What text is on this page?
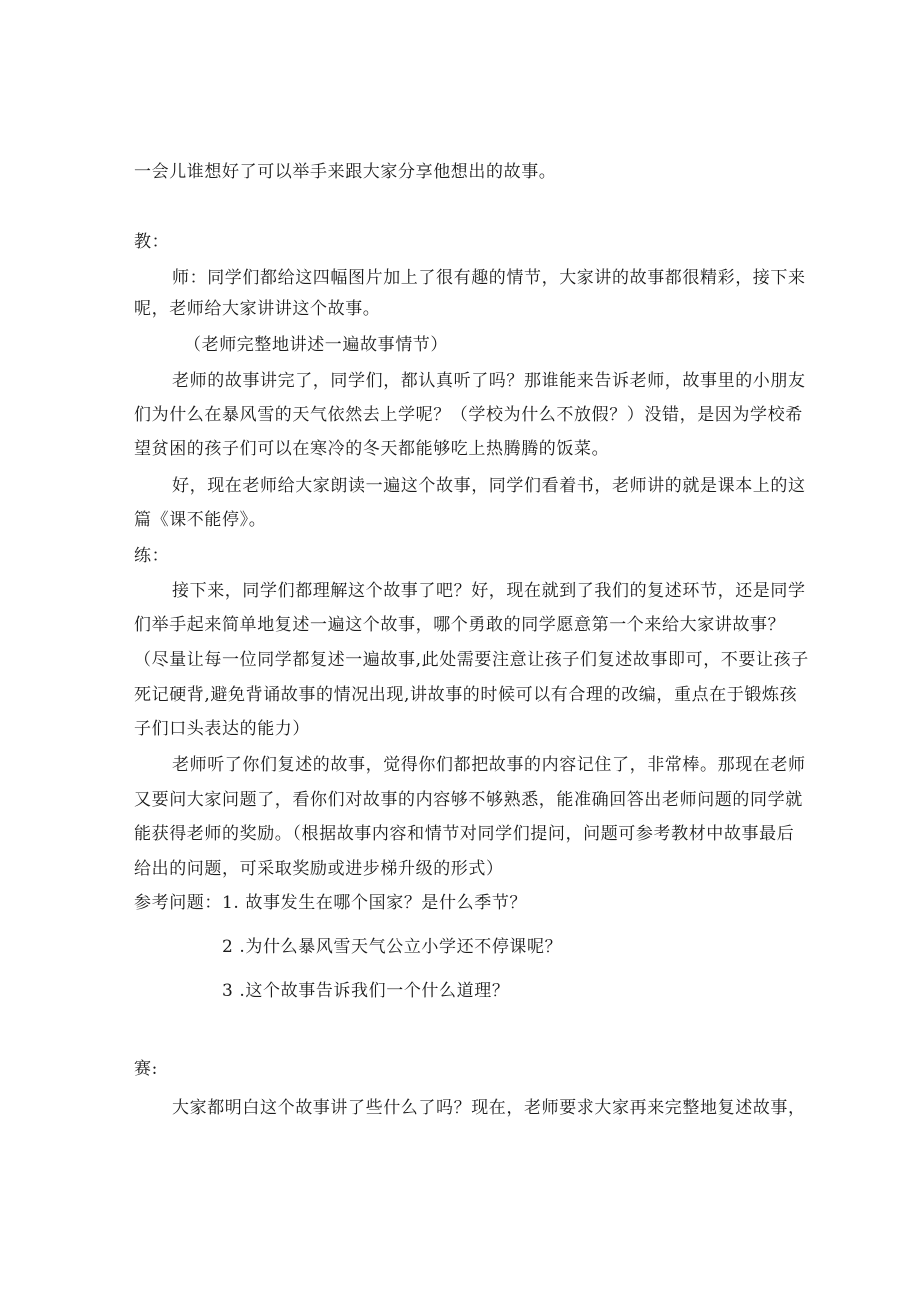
一会儿谁想好了可以举手来跟大家分享他想出的故事。
教：
师：同学们都给这四幅图片加上了很有趣的情节，大家讲的故事都很精彩，接下来
呢，老师给大家讲讲这个故事。
（老师完整地讲述一遍故事情节）
老师的故事讲完了，同学们，都认真听了吗？那谁能来告诉老师，故事里的小朋友
们为什么在暴风雪的天气依然去上学呢？（学校为什么不放假？）没错，是因为学校希
望贫困的孩子们可以在寒冷的冬天都能够吃上热腾腾的饭菜。
好，现在老师给大家朗读一遍这个故事，同学们看着书，老师讲的就是课本上的这
篇《课不能停》。
练：
接下来，同学们都理解这个故事了吧？好，现在就到了我们的复述环节，还是同学
们举手起来简单地复述一遍这个故事，哪个勇敢的同学愿意第一个来给大家讲故事？
（尽量让每一位同学都复述一遍故事,此处需要注意让孩子们复述故事即可，不要让孩子
死记硬背,避免背诵故事的情况出现,讲故事的时候可以有合理的改编，重点在于锻炼孩
子们口头表达的能力）
老师听了你们复述的故事，觉得你们都把故事的内容记住了，非常棒。那现在老师
又要问大家问题了，看你们对故事的内容够不够熟悉，能准确回答出老师问题的同学就
能获得老师的奖励。（根据故事内容和情节对同学们提问，问题可参考教材中故事最后
给出的问题，可采取奖励或进步梯升级的形式）
参考问题：1. 故事发生在哪个国家？是什么季节？
2 .为什么暴风雪天气公立小学还不停课呢？
3 .这个故事告诉我们一个什么道理？
赛:
大家都明白这个故事讲了些什么了吗？现在，老师要求大家再来完整地复述故事，
